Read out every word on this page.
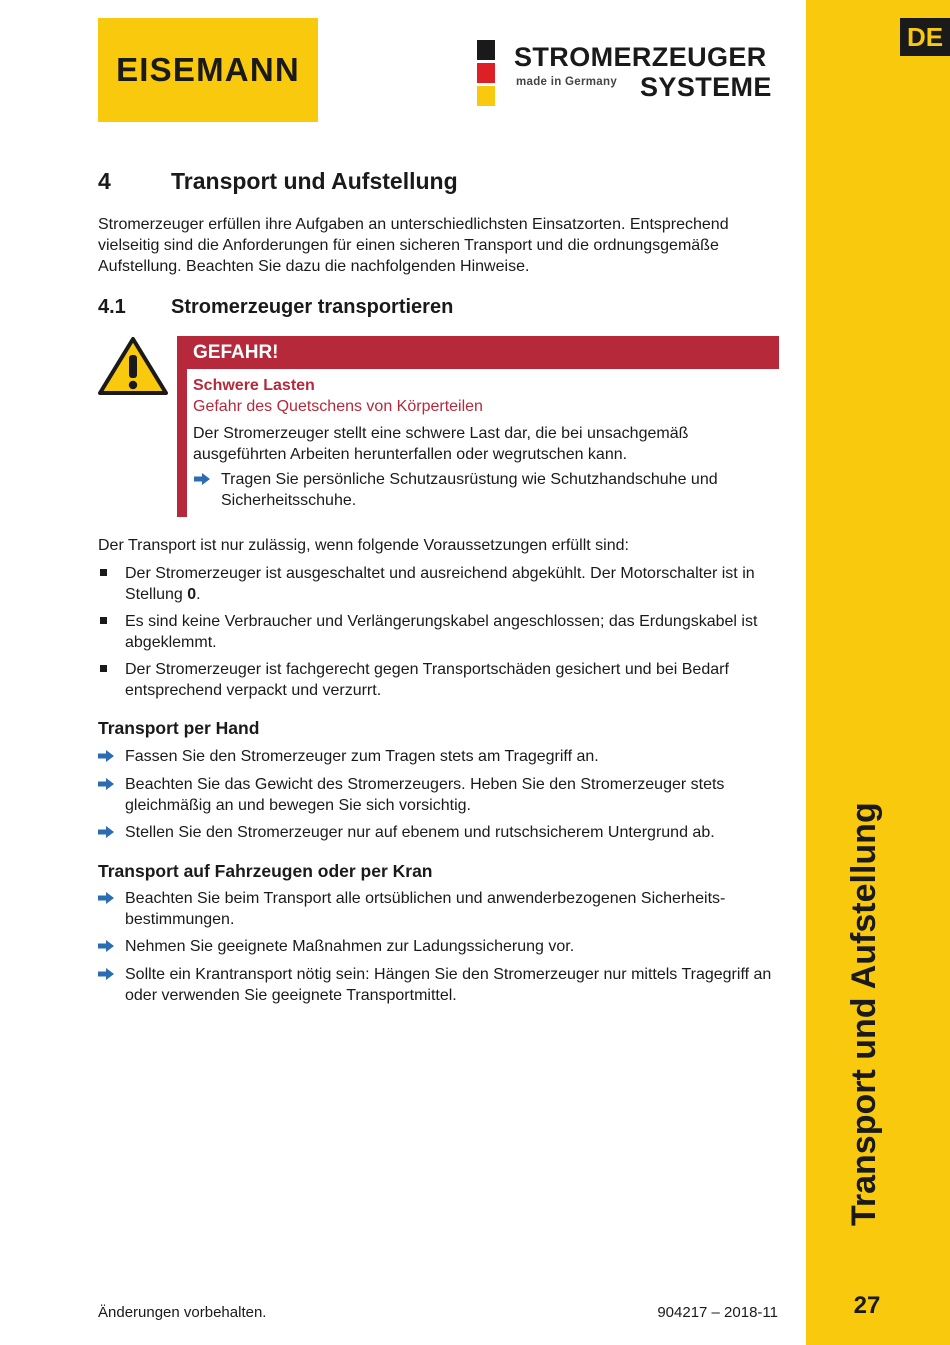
EISEMANN	STROMERZEUGER
made in Germany SYSTEME
DE
Transport und Aufstellung
27
4	Transport und Aufstellung
Stromerzeuger erfüllen ihre Aufgaben an unterschiedlichsten Einsatzorten. Entsprechend vielseitig sind die Anforderungen für einen sicheren Transport und die ordnungsgemäße Aufstellung. Beachten Sie dazu die nachfolgenden Hinweise.
4.1 Stromerzeuger transportieren
GEFAHR!
Schwere Lasten
Gefahr des Quetschens von Körperteilen
Der Stromerzeuger stellt eine schwere Last dar, die bei unsachgemäß ausgeführten Arbeiten herunterfallen oder wegrutschen kann.
Tragen Sie persönliche Schutzausrüstung wie Schutzhandschuhe und Sicherheitsschuhe.
Der Transport ist nur zulässig, wenn folgende Voraussetzungen erfüllt sind:
Der Stromerzeuger ist ausgeschaltet und ausreichend abgekühlt. Der Motorschalter ist in Stellung 0.
Es sind keine Verbraucher und Verlängerungskabel angeschlossen; das Erdungskabel ist abgeklemmt.
Der Stromerzeuger ist fachgerecht gegen Transportschäden gesichert und bei Bedarf entsprechend verpackt und verzurrt.
Transport per Hand
Fassen Sie den Stromerzeuger zum Tragen stets am Tragegriff an.
Beachten Sie das Gewicht des Stromerzeugers. Heben Sie den Stromerzeuger stets gleichmäßig an und bewegen Sie sich vorsichtig.
Stellen Sie den Stromerzeuger nur auf ebenem und rutschsicherem Untergrund ab.
Transport auf Fahrzeugen oder per Kran
Beachten Sie beim Transport alle ortsüblichen und anwenderbezogenen Sicherheitsbestimmungen.
Nehmen Sie geeignete Maßnahmen zur Ladungssicherung vor.
Sollte ein Krantransport nötig sein: Hängen Sie den Stromerzeuger nur mittels Tragegriff an oder verwenden Sie geeignete Transportmittel.
Änderungen vorbehalten.	904217 – 2018-11
